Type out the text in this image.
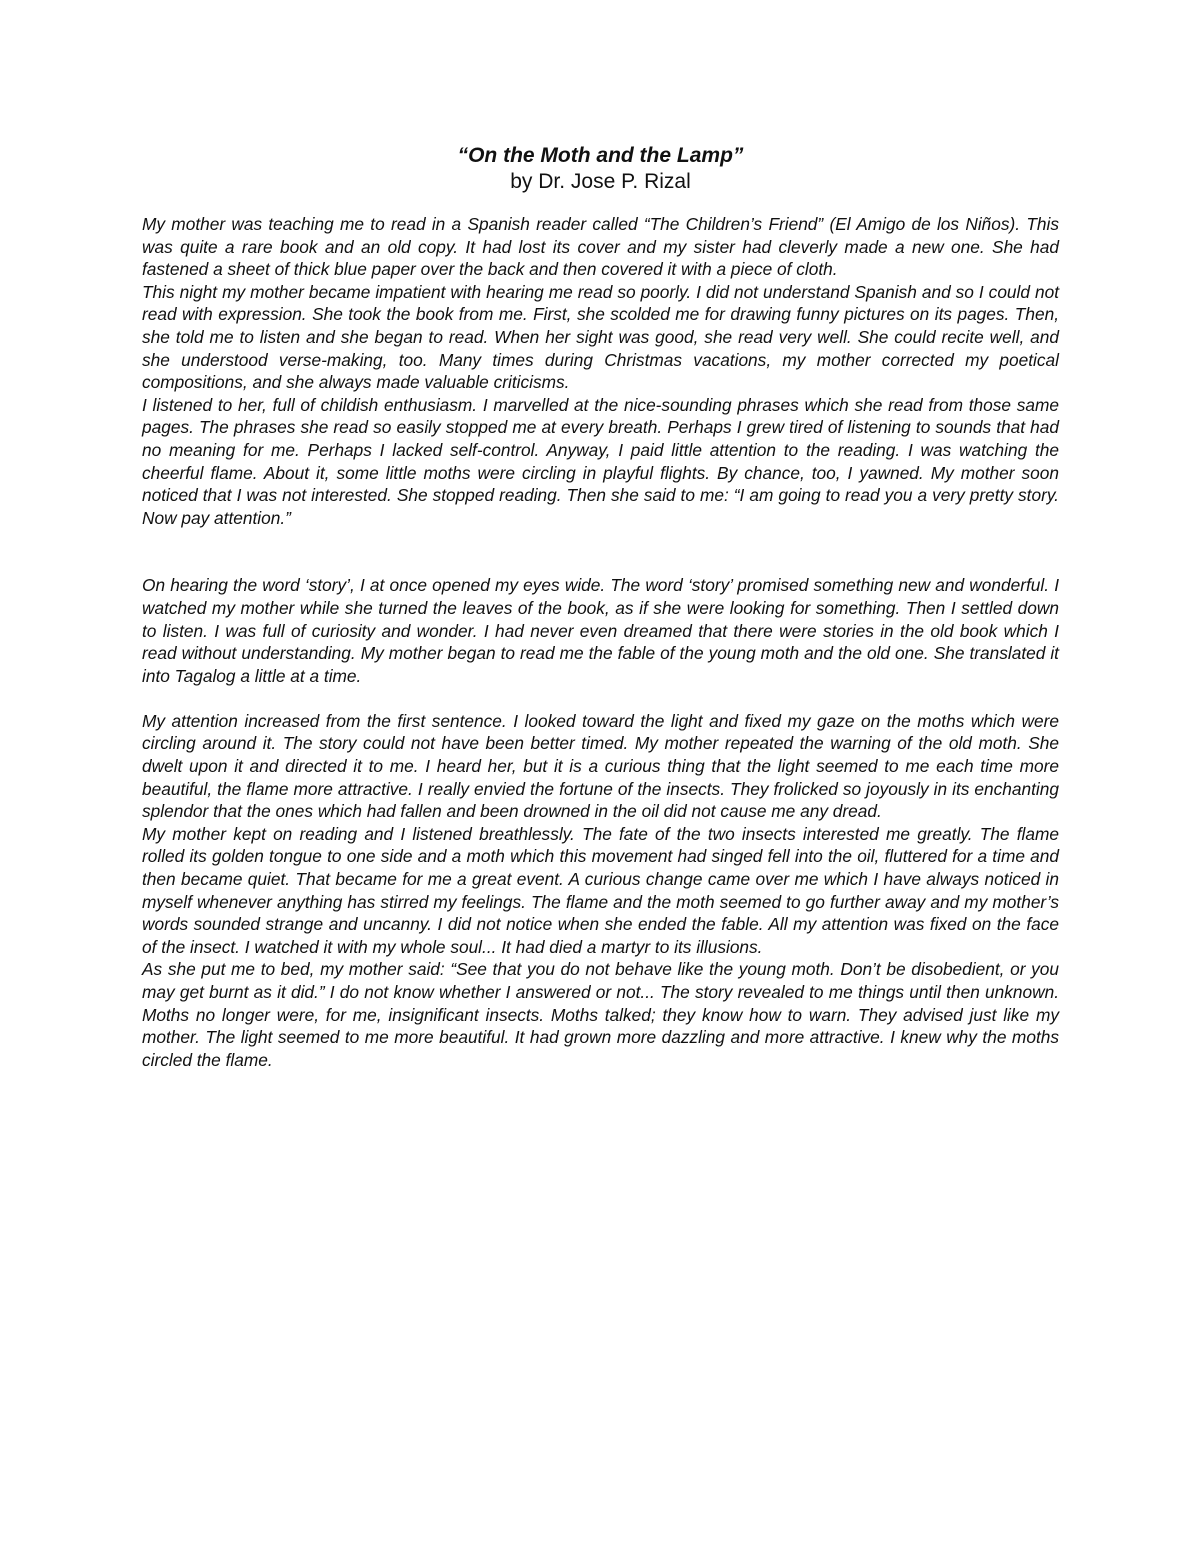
“On the Moth and the Lamp”
by Dr. Jose P. Rizal

My mother was teaching me to read in a Spanish reader called “The Children’s Friend” (El Amigo de los Niños). This was quite a rare book and an old copy. It had lost its cover and my sister had cleverly made a new one. She had fastened a sheet of thick blue paper over the back and then covered it with a piece of cloth.

This night my mother became impatient with hearing me read so poorly. I did not understand Spanish and so I could not read with expression. She took the book from me. First, she scolded me for drawing funny pictures on its pages. Then, she told me to listen and she began to read. When her sight was good, she read very well. She could recite well, and she understood verse-making, too. Many times during Christmas vacations, my mother corrected my poetical compositions, and she always made valuable criticisms.

I listened to her, full of childish enthusiasm. I marvelled at the nice-sounding phrases which she read from those same pages. The phrases she read so easily stopped me at every breath. Perhaps I grew tired of listening to sounds that had no meaning for me. Perhaps I lacked self-control. Anyway, I paid little attention to the reading. I was watching the cheerful flame. About it, some little moths were circling in playful flights. By chance, too, I yawned. My mother soon noticed that I was not interested. She stopped reading. Then she said to me: “I am going to read you a very pretty story. Now pay attention.”

On hearing the word ‘story’, I at once opened my eyes wide. The word ‘story’ promised something new and wonderful. I watched my mother while she turned the leaves of the book, as if she were looking for something. Then I settled down to listen. I was full of curiosity and wonder. I had never even dreamed that there were stories in the old book which I read without understanding. My mother began to read me the fable of the young moth and the old one. She translated it into Tagalog a little at a time.

My attention increased from the first sentence. I looked toward the light and fixed my gaze on the moths which were circling around it. The story could not have been better timed. My mother repeated the warning of the old moth. She dwelt upon it and directed it to me. I heard her, but it is a curious thing that the light seemed to me each time more beautiful, the flame more attractive. I really envied the fortune of the insects. They frolicked so joyously in its enchanting splendor that the ones which had fallen and been drowned in the oil did not cause me any dread.

My mother kept on reading and I listened breathlessly. The fate of the two insects interested me greatly. The flame rolled its golden tongue to one side and a moth which this movement had singed fell into the oil, fluttered for a time and then became quiet. That became for me a great event. A curious change came over me which I have always noticed in myself whenever anything has stirred my feelings. The flame and the moth seemed to go further away and my mother’s words sounded strange and uncanny. I did not notice when she ended the fable. All my attention was fixed on the face of the insect. I watched it with my whole soul... It had died a martyr to its illusions.

As she put me to bed, my mother said: “See that you do not behave like the young moth. Don’t be disobedient, or you may get burnt as it did.” I do not know whether I answered or not... The story revealed to me things until then unknown. Moths no longer were, for me, insignificant insects. Moths talked; they know how to warn. They advised just like my mother. The light seemed to me more beautiful. It had grown more dazzling and more attractive. I knew why the moths circled the flame.
